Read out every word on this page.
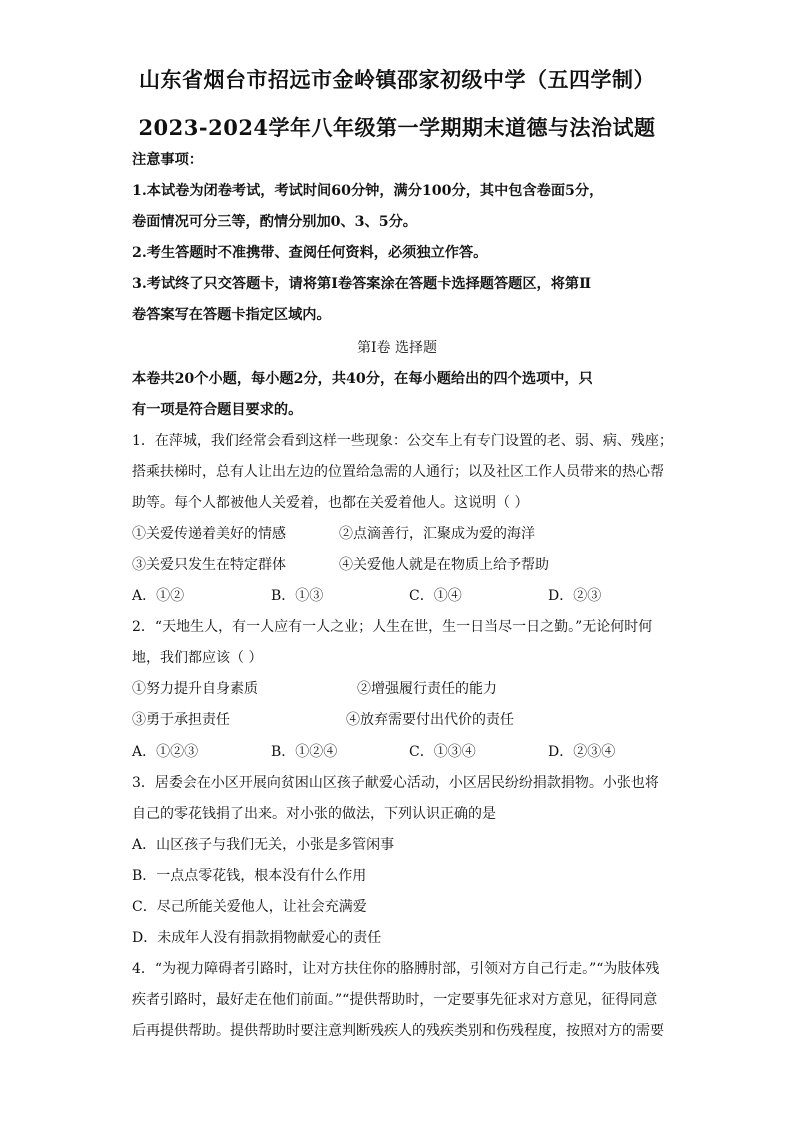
山东省烟台市招远市金岭镇邵家初级中学（五四学制）
2023-2024学年八年级第一学期期末道德与法治试题
注意事项：
1.本试卷为闭卷考试，考试时间60分钟，满分100分，其中包含卷面5分，
卷面情况可分三等，酌情分别加0、3、5分。
2.考生答题时不准携带、查阅任何资料，必须独立作答。
3.考试终了只交答题卡，请将第Ⅰ卷答案涂在答题卡选择题答题区，将第Ⅱ
卷答案写在答题卡指定区域内。
第Ⅰ卷 选择题
本卷共20个小题，每小题2分，共40分，在每小题给出的四个选项中，只
有一项是符合题目要求的。
1．在萍城，我们经常会看到这样一些现象：公交车上有专门设置的老、弱、病、残座；
搭乘扶梯时，总有人让出左边的位置给急需的人通行；以及社区工作人员带来的热心帮
助等。每个人都被他人关爱着，也都在关爱着他人。这说明（ ）
①关爱传递着美好的情感	②点滴善行，汇聚成为爱的海洋
③关爱只发生在特定群体	④关爱他人就是在物质上给予帮助
A．①②	B．①③	C．①④	D．②③
2．“天地生人，有一人应有一人之业；人生在世，生一日当尽一日之勤。”无论何时何
地，我们都应该（ ）
①努力提升自身素质	②增强履行责任的能力
③勇于承担责任	④放弃需要付出代价的责任
A．①②③	B．①②④	C．①③④	D．②③④
3．居委会在小区开展向贫困山区孩子献爱心活动，小区居民纷纷捐款捐物。小张也将
自己的零花钱捐了出来。对小张的做法，下列认识正确的是
A．山区孩子与我们无关，小张是多管闲事
B．一点点零花钱，根本没有什么作用
C．尽己所能关爱他人，让社会充满爱
D．未成年人没有捐款捐物献爱心的责任
4．“为视力障碍者引路时，让对方扶住你的胳膊肘部，引领对方自己行走。”“为肢体残
疾者引路时，最好走在他们前面。”“提供帮助时，一定要事先征求对方意见，征得同意
后再提供帮助。提供帮助时要注意判断残疾人的残疾类别和伤残程度，按照对方的需要
